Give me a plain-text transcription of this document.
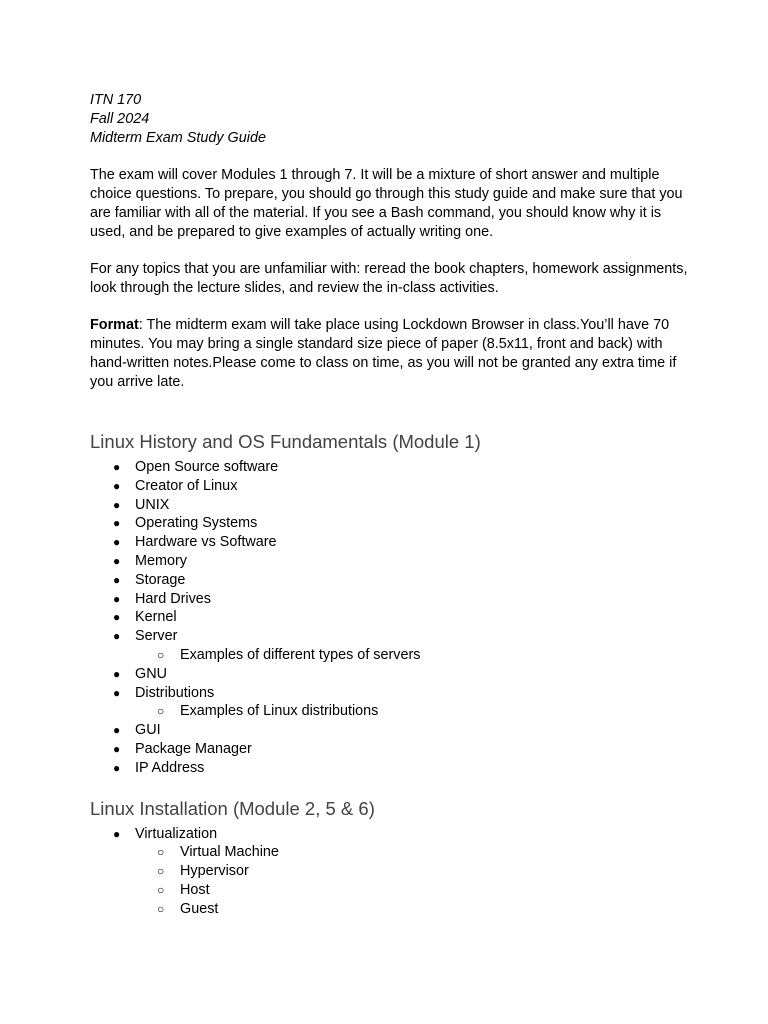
ITN 170
Fall 2024
Midterm Exam Study Guide

The exam will cover Modules 1 through 7. It will be a mixture of short answer and multiple choice questions. To prepare, you should go through this study guide and make sure that you are familiar with all of the material. If you see a Bash command, you should know why it is used, and be prepared to give examples of actually writing one.

For any topics that you are unfamiliar with: reread the book chapters, homework assignments, look through the lecture slides, and review the in-class activities.

Format: The midterm exam will take place using Lockdown Browser in class.You’ll have 70 minutes. You may bring a single standard size piece of paper (8.5x11, front and back) with hand-written notes.Please come to class on time, as you will not be granted any extra time if you arrive late.

Linux History and OS Fundamentals (Module 1)
● Open Source software
● Creator of Linux
● UNIX
● Operating Systems
● Hardware vs Software
● Memory
● Storage
● Hard Drives
● Kernel
● Server
○ Examples of different types of servers
● GNU
● Distributions
○ Examples of Linux distributions
● GUI
● Package Manager
● IP Address
Linux Installation (Module 2, 5 & 6)
● Virtualization
○ Virtual Machine
○ Hypervisor
○ Host
○ Guest
